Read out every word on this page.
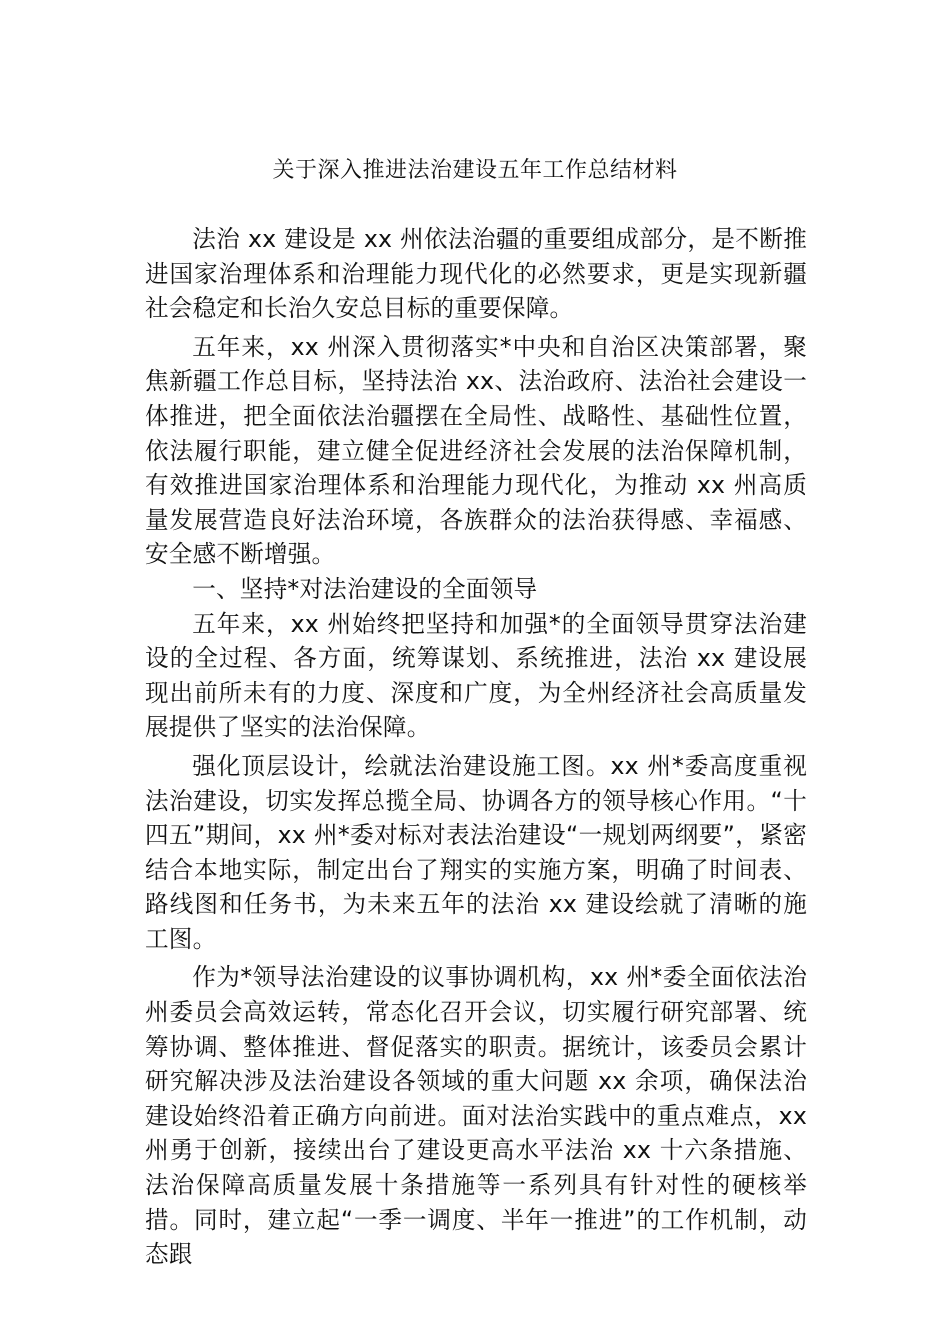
关于深入推进法治建设五年工作总结材料

法治 xx 建设是 xx 州依法治疆的重要组成部分，是不断推进国家治理体系和治理能力现代化的必然要求，更是实现新疆社会稳定和长治久安总目标的重要保障。

五年来，xx 州深入贯彻落实*中央和自治区决策部署，聚焦新疆工作总目标，坚持法治 xx、法治政府、法治社会建设一体推进，把全面依法治疆摆在全局性、战略性、基础性位置，依法履行职能，建立健全促进经济社会发展的法治保障机制，有效推进国家治理体系和治理能力现代化，为推动 xx 州高质量发展营造良好法治环境，各族群众的法治获得感、幸福感、安全感不断增强。

一、坚持*对法治建设的全面领导

五年来，xx 州始终把坚持和加强*的全面领导贯穿法治建设的全过程、各方面，统筹谋划、系统推进，法治 xx 建设展现出前所未有的力度、深度和广度，为全州经济社会高质量发展提供了坚实的法治保障。

强化顶层设计，绘就法治建设施工图。xx 州*委高度重视法治建设，切实发挥总揽全局、协调各方的领导核心作用。“十四五”期间，xx 州*委对标对表法治建设“一规划两纲要”，紧密结合本地实际，制定出台了翔实的实施方案，明确了时间表、路线图和任务书，为未来五年的法治 xx 建设绘就了清晰的施工图。

作为*领导法治建设的议事协调机构，xx 州*委全面依法治州委员会高效运转，常态化召开会议，切实履行研究部署、统筹协调、整体推进、督促落实的职责。据统计，该委员会累计研究解决涉及法治建设各领域的重大问题 xx 余项，确保法治建设始终沿着正确方向前进。面对法治实践中的重点难点，xx 州勇于创新，接续出台了建设更高水平法治 xx 十六条措施、法治保障高质量发展十条措施等一系列具有针对性的硬核举措。同时，建立起“一季一调度、半年一推进”的工作机制，动态跟
